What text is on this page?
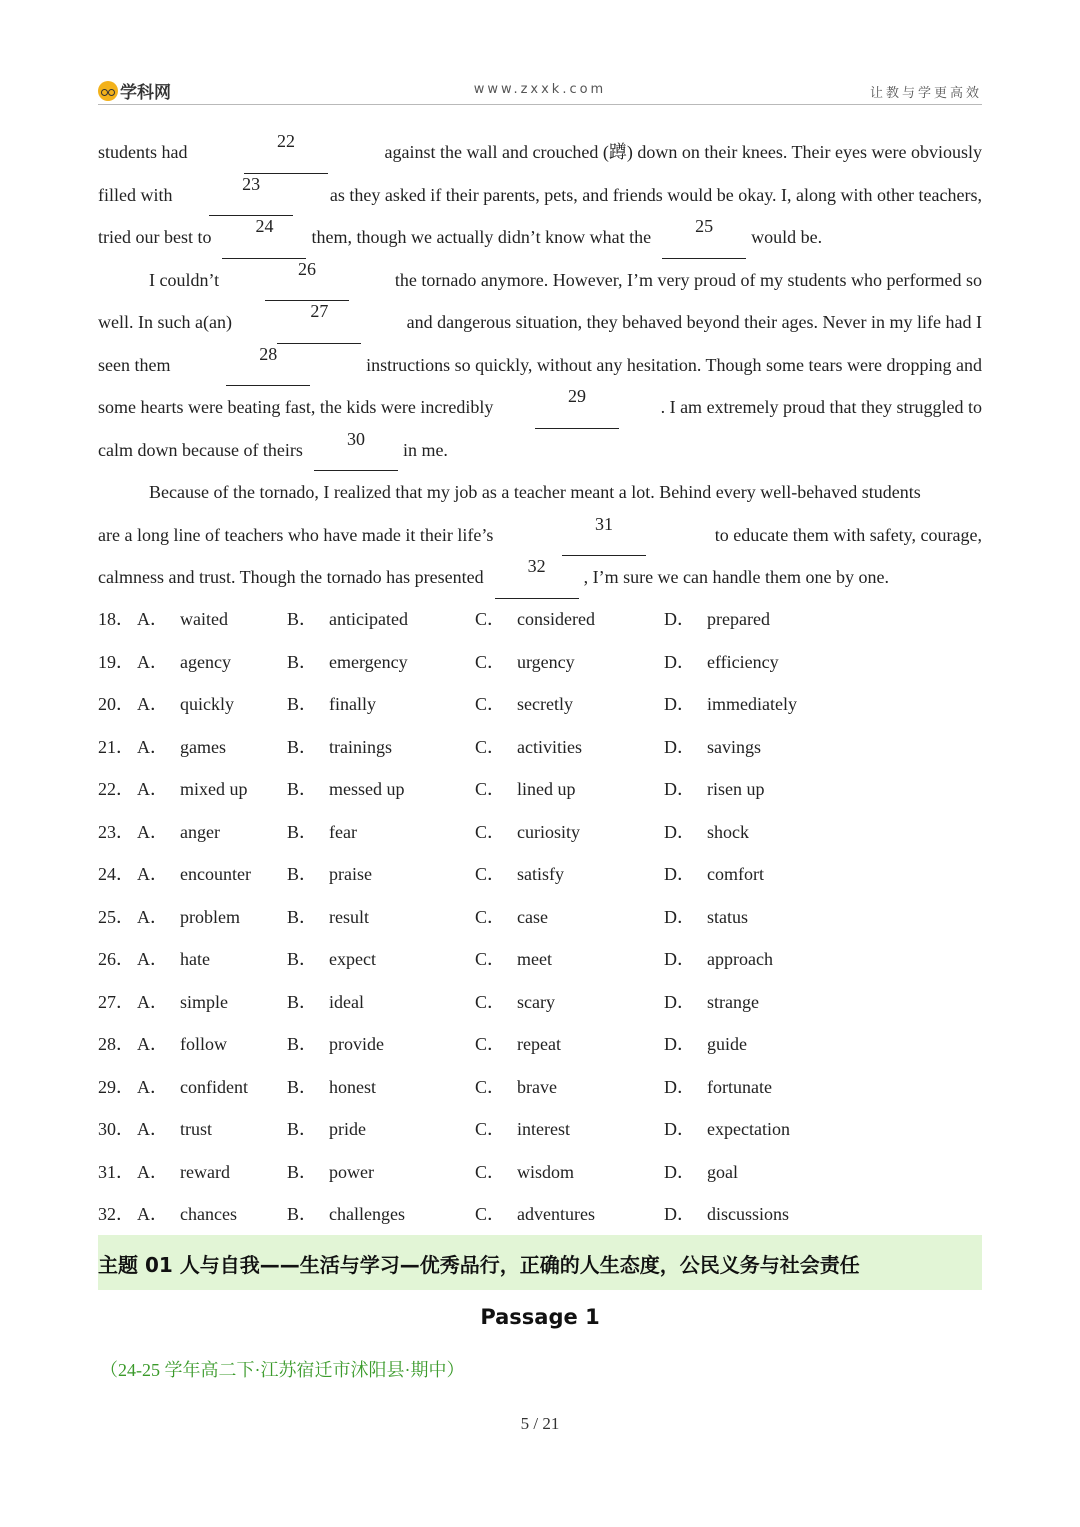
学科网	www.zxxk.com	让教与学更高效
students had
22
against the wall and crouched (蹲) down on their knees. Their eyes were obviously
filled with
23
as they asked if their parents, pets, and friends would be okay. I, along with other teachers,
tried our best to
24
them, though we actually didn’t know what the
25
would be.
I couldn’t
26
the tornado anymore. However, I’m very proud of my students who performed so
well. In such a(an)
27
and dangerous situation, they behaved beyond their ages. Never in my life had I
seen them
28
instructions so quickly, without any hesitation. Though some tears were dropping and
some hearts were beating fast, the kids were incredibly
29
. I am extremely proud that they struggled to
calm down because of theirs
30
in me.
Because of the tornado, I realized that my job as a teacher meant a lot. Behind every well-behaved students
are a long line of teachers who have made it their life’s
31
to educate them with safety, courage,
calmness and trust. Though the tornado has presented
32
, I’m sure we can handle them one by one.
18． A． waited	B． anticipated	C． considered	D． prepared
19． A． agency	B． emergency	C． urgency	D． efficiency
20． A． quickly	B． finally	C． secretly	D． immediately
21． A． games	B． trainings	C． activities	D． savings
22． A． mixed up B． messed up	C． lined up	D． risen up
23． A． anger	B． fear	C． curiosity	D． shock
24． A． encounter B． praise	C． satisfy	D． comfort
25． A． problem	B． result	C． case	D． status
26． A． hate	B． expect	C． meet	D． approach
27． A． simple	B． ideal	C． scary	D． strange
28． A． follow	B． provide	C． repeat	D． guide
29． A． confident B． honest	C． brave	D． fortunate
30． A． trust	B． pride	C． interest	D． expectation
31． A． reward	B． power	C． wisdom	D． goal
32． A． chances	B． challenges	C． adventures	D． discussions
主题 01 人与自我——生活与学习—优秀品行，正确的人生态度，公民义务与社会责任
Passage 1
（24-25 学年高二下·江苏宿迁市沭阳县·期中）
5 / 21
